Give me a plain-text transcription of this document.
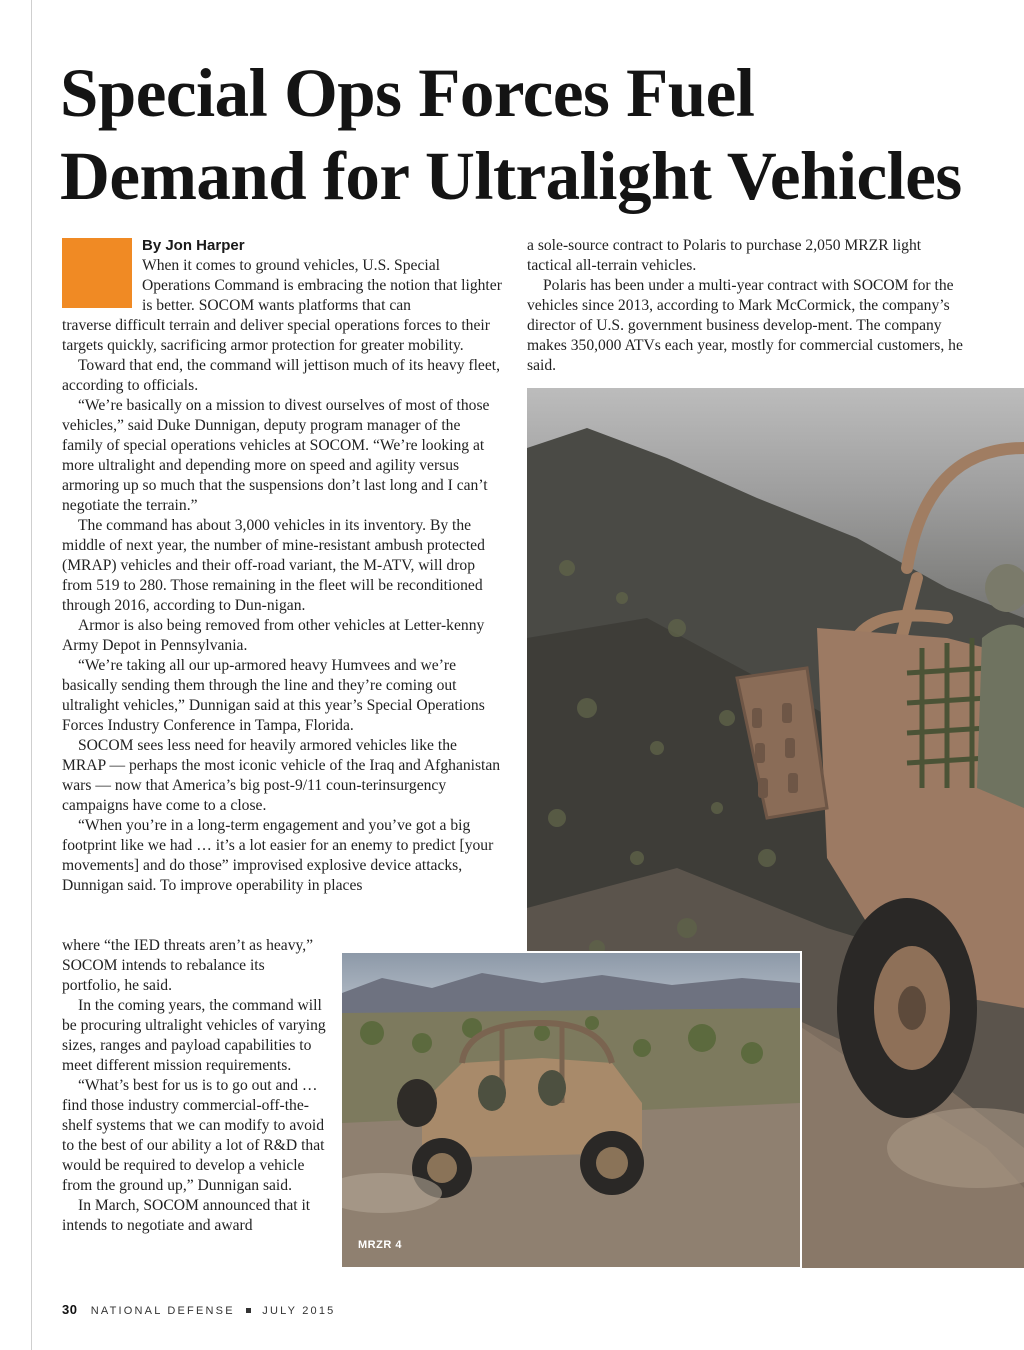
Special Ops Forces Fuel
Demand for Ultralight Vehicles
By Jon Harper

When it comes to ground vehicles, U.S. Special Operations Command is embracing the notion that lighter is better. SOCOM wants platforms that can

traverse difficult terrain and deliver special operations forces to their targets quickly, sacrificing armor protection for greater mobility.

Toward that end, the command will jettison much of its heavy fleet, according to officials.

“We’re basically on a mission to divest ourselves of most of those vehicles,” said Duke Dunnigan, deputy program manager of the family of special operations vehicles at SOCOM. “We’re looking at more ultralight and depending more on speed and agility versus armoring up so much that the suspensions don’t last long and I can’t negotiate the terrain.”

The command has about 3,000 vehicles in its inventory. By the middle of next year, the number of mine-resistant ambush protected (MRAP) vehicles and their off-road variant, the M-ATV, will drop from 519 to 280. Those remaining in the fleet will be reconditioned through 2016, according to Dun-nigan.

Armor is also being removed from other vehicles at Letter-kenny Army Depot in Pennsylvania.

“We’re taking all our up-armored heavy Humvees and we’re basically sending them through the line and they’re coming out ultralight vehicles,” Dunnigan said at this year’s Special Operations Forces Industry Conference in Tampa, Florida.

SOCOM sees less need for heavily armored vehicles like the MRAP — perhaps the most iconic vehicle of the Iraq and Afghanistan wars — now that America’s big post-9/11 coun-terinsurgency campaigns have come to a close.

“When you’re in a long-term engagement and you’ve got a big footprint like we had … it’s a lot easier for an enemy to predict [your movements] and do those” improvised explosive device attacks, Dunnigan said. To improve operability in places

where “the IED threats aren’t as heavy,” SOCOM intends to rebalance its portfolio, he said.

In the coming years, the command will be procuring ultralight vehicles of varying sizes, ranges and payload capabilities to meet different mission requirements.

“What’s best for us is to go out and … find those industry commercial-off-the-shelf systems that we can modify to avoid to the best of our ability a lot of R&D that would be required to develop a vehicle from the ground up,” Dunnigan said.

In March, SOCOM announced that it intends to negotiate and award

a sole-source contract to Polaris to purchase 2,050 MRZR light tactical all-terrain vehicles.

Polaris has been under a multi-year contract with SOCOM for the vehicles since 2013, according to Mark McCormick, the company’s director of U.S. government business develop-ment. The company makes 350,000 ATVs each year, mostly for commercial customers, he said.

MRZR 4
30 NATIONAL DEFENSE	JULY 2015
